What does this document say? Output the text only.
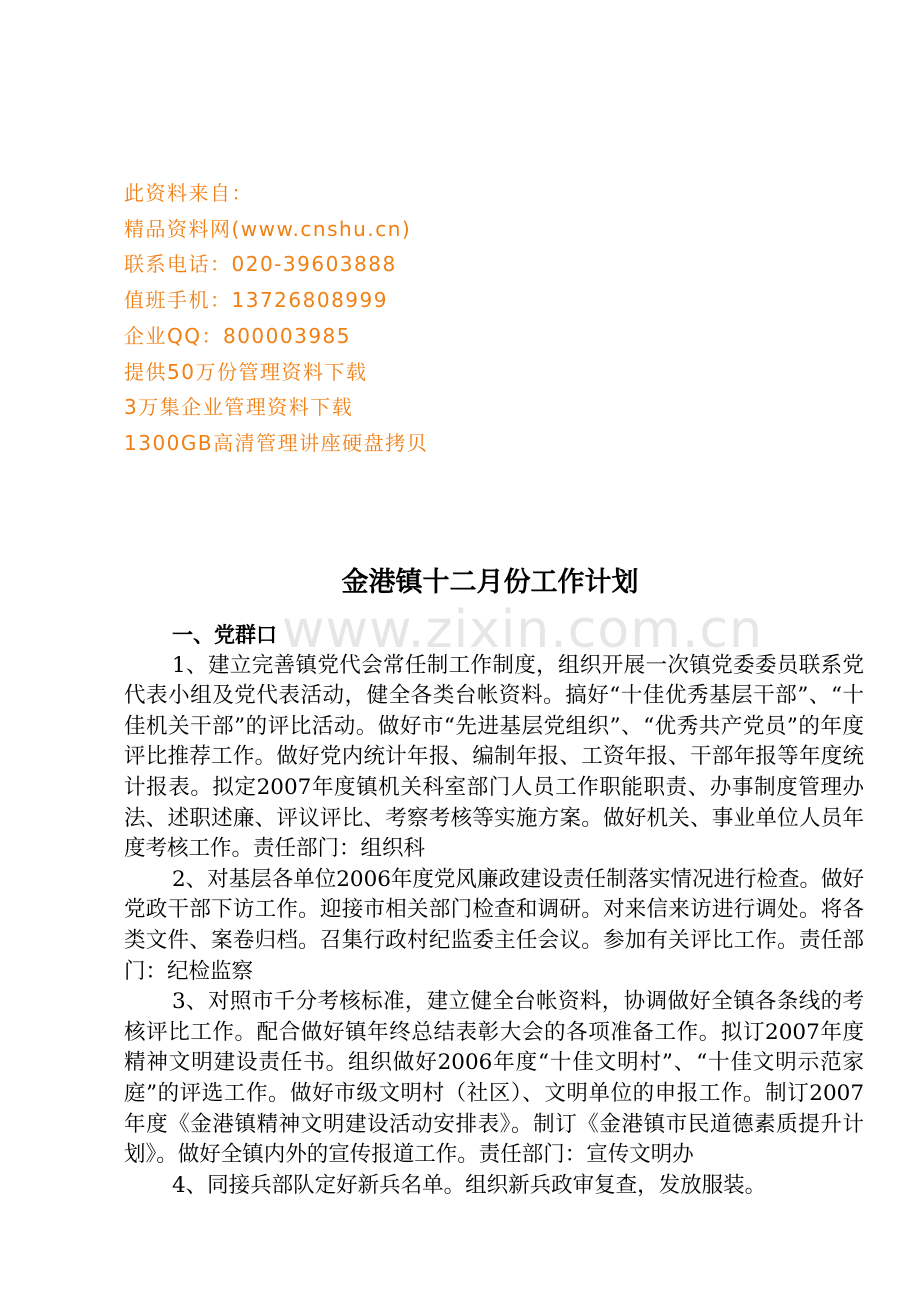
www.zixin.com.cn
此资料来自：
精品资料网(www.cnshu.cn)
联系电话：020-39603888
值班手机：13726808999
企业QQ：800003985
提供50万份管理资料下载
3万集企业管理资料下载
1300GB高清管理讲座硬盘拷贝
金港镇十二月份工作计划
一、党群口

1、建立完善镇党代会常任制工作制度，组织开展一次镇党委委员联系党代表小组及党代表活动，健全各类台帐资料。搞好“十佳优秀基层干部”、“十佳机关干部”的评比活动。做好市“先进基层党组织”、“优秀共产党员”的年度评比推荐工作。做好党内统计年报、编制年报、工资年报、干部年报等年度统计报表。拟定2007年度镇机关科室部门人员工作职能职责、办事制度管理办法、述职述廉、评议评比、考察考核等实施方案。做好机关、事业单位人员年度考核工作。责任部门：组织科

2、对基层各单位2006年度党风廉政建设责任制落实情况进行检查。做好党政干部下访工作。迎接市相关部门检查和调研。对来信来访进行调处。将各类文件、案卷归档。召集行政村纪监委主任会议。参加有关评比工作。责任部门：纪检监察

3、对照市千分考核标准，建立健全台帐资料，协调做好全镇各条线的考核评比工作。配合做好镇年终总结表彰大会的各项准备工作。拟订2007年度精神文明建设责任书。组织做好2006年度“十佳文明村”、“十佳文明示范家庭”的评选工作。做好市级文明村（社区）、文明单位的申报工作。制订2007年度《金港镇精神文明建设活动安排表》。制订《金港镇市民道德素质提升计划》。做好全镇内外的宣传报道工作。责任部门：宣传文明办

4、同接兵部队定好新兵名单。组织新兵政审复查，发放服装。
